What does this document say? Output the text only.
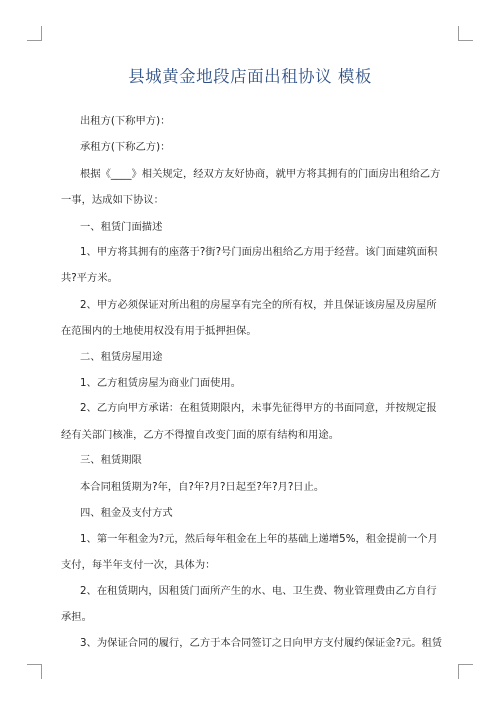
县城黄金地段店面出租协议 模板

出租方(下称甲方)：

承租方(下称乙方)：

根据《____》相关规定，经双方友好协商，就甲方将其拥有的门面房出租给乙方

一事，达成如下协议：

一、租赁门面描述

1、甲方将其拥有的座落于?街?号门面房出租给乙方用于经营。该门面建筑面积

共?平方米。

2、甲方必须保证对所出租的房屋享有完全的所有权，并且保证该房屋及房屋所

在范围内的土地使用权没有用于抵押担保。

二、租赁房屋用途

1、乙方租赁房屋为商业门面使用。

2、乙方向甲方承诺：在租赁期限内，未事先征得甲方的书面同意，并按规定报

经有关部门核准，乙方不得擅自改变门面的原有结构和用途。

三、租赁期限

本合同租赁期为?年，自?年?月?日起至?年?月?日止。

四、租金及支付方式

1、第一年租金为?元，然后每年租金在上年的基础上递增5%，租金提前一个月

支付，每半年支付一次，具体为：

2、在租赁期内，因租赁门面所产生的水、电、卫生费、物业管理费由乙方自行

承担。

3、为保证合同的履行，乙方于本合同签订之日向甲方支付履约保证金?元。租赁
